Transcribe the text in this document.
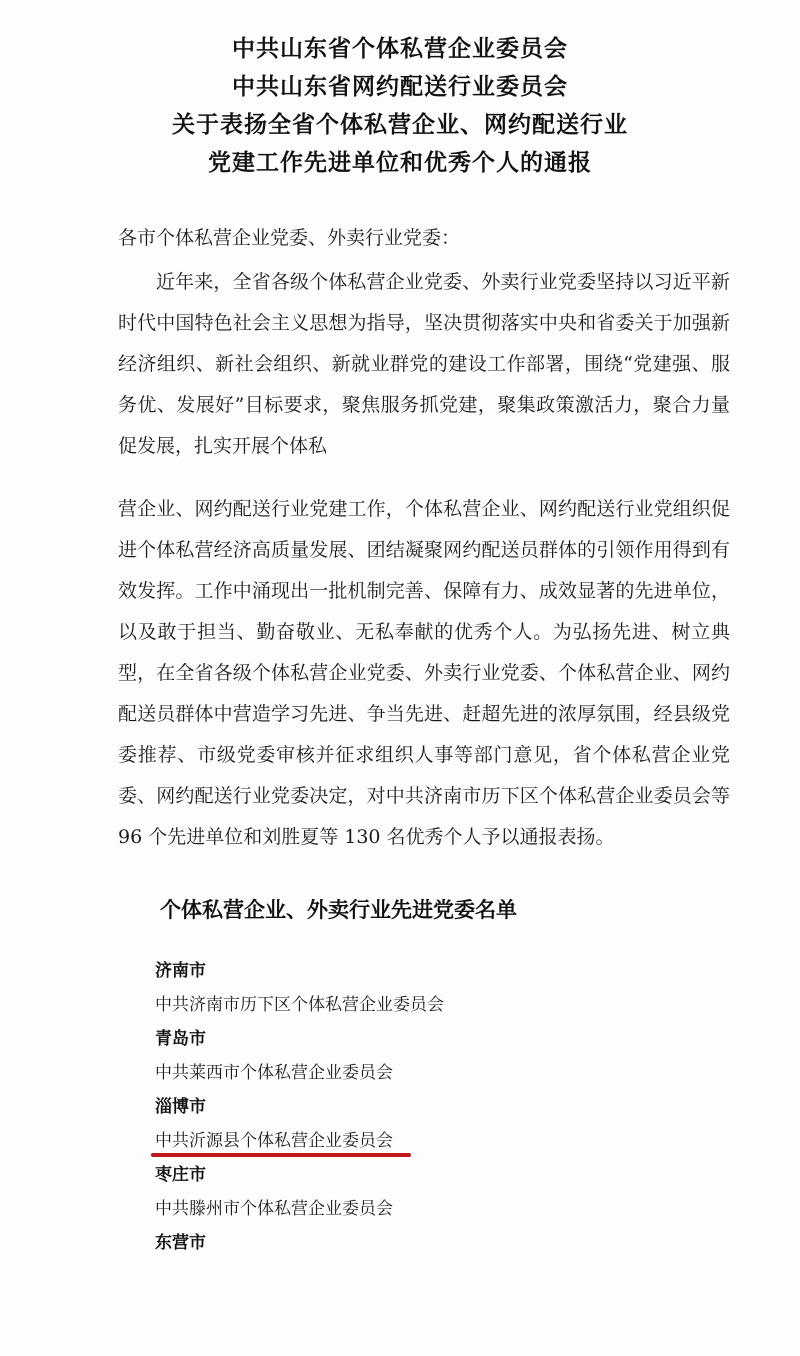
中共山东省个体私营企业委员会
中共山东省网约配送行业委员会
关于表扬全省个体私营企业、网约配送行业
党建工作先进单位和优秀个人的通报
各市个体私营企业党委、外卖行业党委：
近年来，全省各级个体私营企业党委、外卖行业党委坚持以习近平新时代中国特色社会主义思想为指导，坚决贯彻落实中央和省委关于加强新经济组织、新社会组织、新就业群党的建设工作部署，围绕“党建强、服务优、发展好”目标要求，聚焦服务抓党建，聚集政策激活力，聚合力量促发展，扎实开展个体私
营企业、网约配送行业党建工作，个体私营企业、网约配送行业党组织促进个体私营经济高质量发展、团结凝聚网约配送员群体的引领作用得到有效发挥。工作中涌现出一批机制完善、保障有力、成效显著的先进单位，以及敢于担当、勤奋敬业、无私奉献的优秀个人。为弘扬先进、树立典型，在全省各级个体私营企业党委、外卖行业党委、个体私营企业、网约配送员群体中营造学习先进、争当先进、赶超先进的浓厚氛围，经县级党委推荐、市级党委审核并征求组织人事等部门意见，省个体私营企业党委、网约配送行业党委决定，对中共济南市历下区个体私营企业委员会等 96 个先进单位和刘胜夏等 130 名优秀个人予以通报表扬。
个体私营企业、外卖行业先进党委名单
济南市
中共济南市历下区个体私营企业委员会
青岛市
中共莱西市个体私营企业委员会
淄博市
中共沂源县个体私营企业委员会
枣庄市
中共滕州市个体私营企业委员会
东营市
